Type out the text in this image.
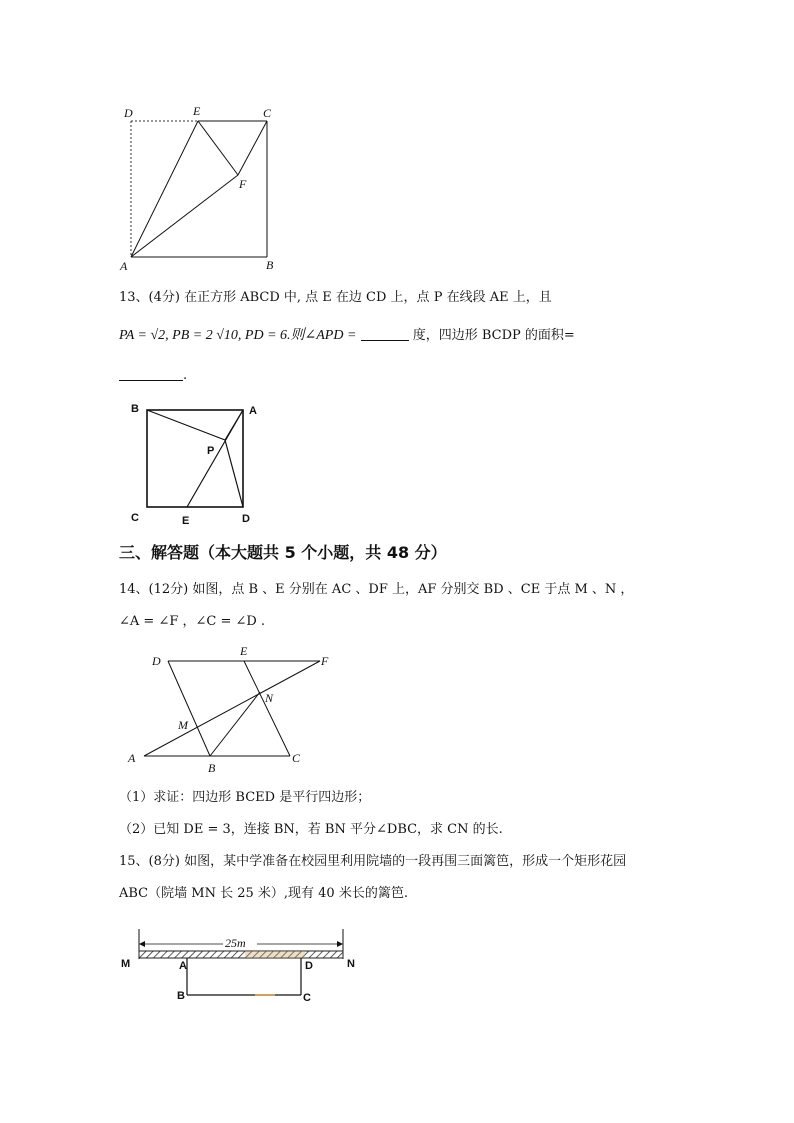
D	E	C
F
A	B
13、(4分) 在正方形 ABCD 中, 点 E 在边 CD 上，点 P 在线段 AE 上，且
PA = √2, PB = 2 √10, PD = 6.则∠APD =	度，四边形 BCDP 的面积=
.
B	A
P
C	E	D
三、解答题（本大题共 5 个小题，共 48 分）
14、(12分) 如图，点 B 、E 分别在 AC 、DF 上，AF 分别交 BD 、CE 于点 M 、N ，
∠A = ∠F ，∠C = ∠D .
D
E
F
M
N
A
B
C
（1）求证：四边形 BCED 是平行四边形；
（2）已知 DE = 3，连接 BN，若 BN 平分∠DBC，求 CN 的长.
15、(8分) 如图，某中学准备在校园里利用院墙的一段再围三面篱笆，形成一个矩形花园
ABC（院墙 MN 长 25 米）,现有 40 米长的篱笆.
25m
M	A	D	N
B	C
